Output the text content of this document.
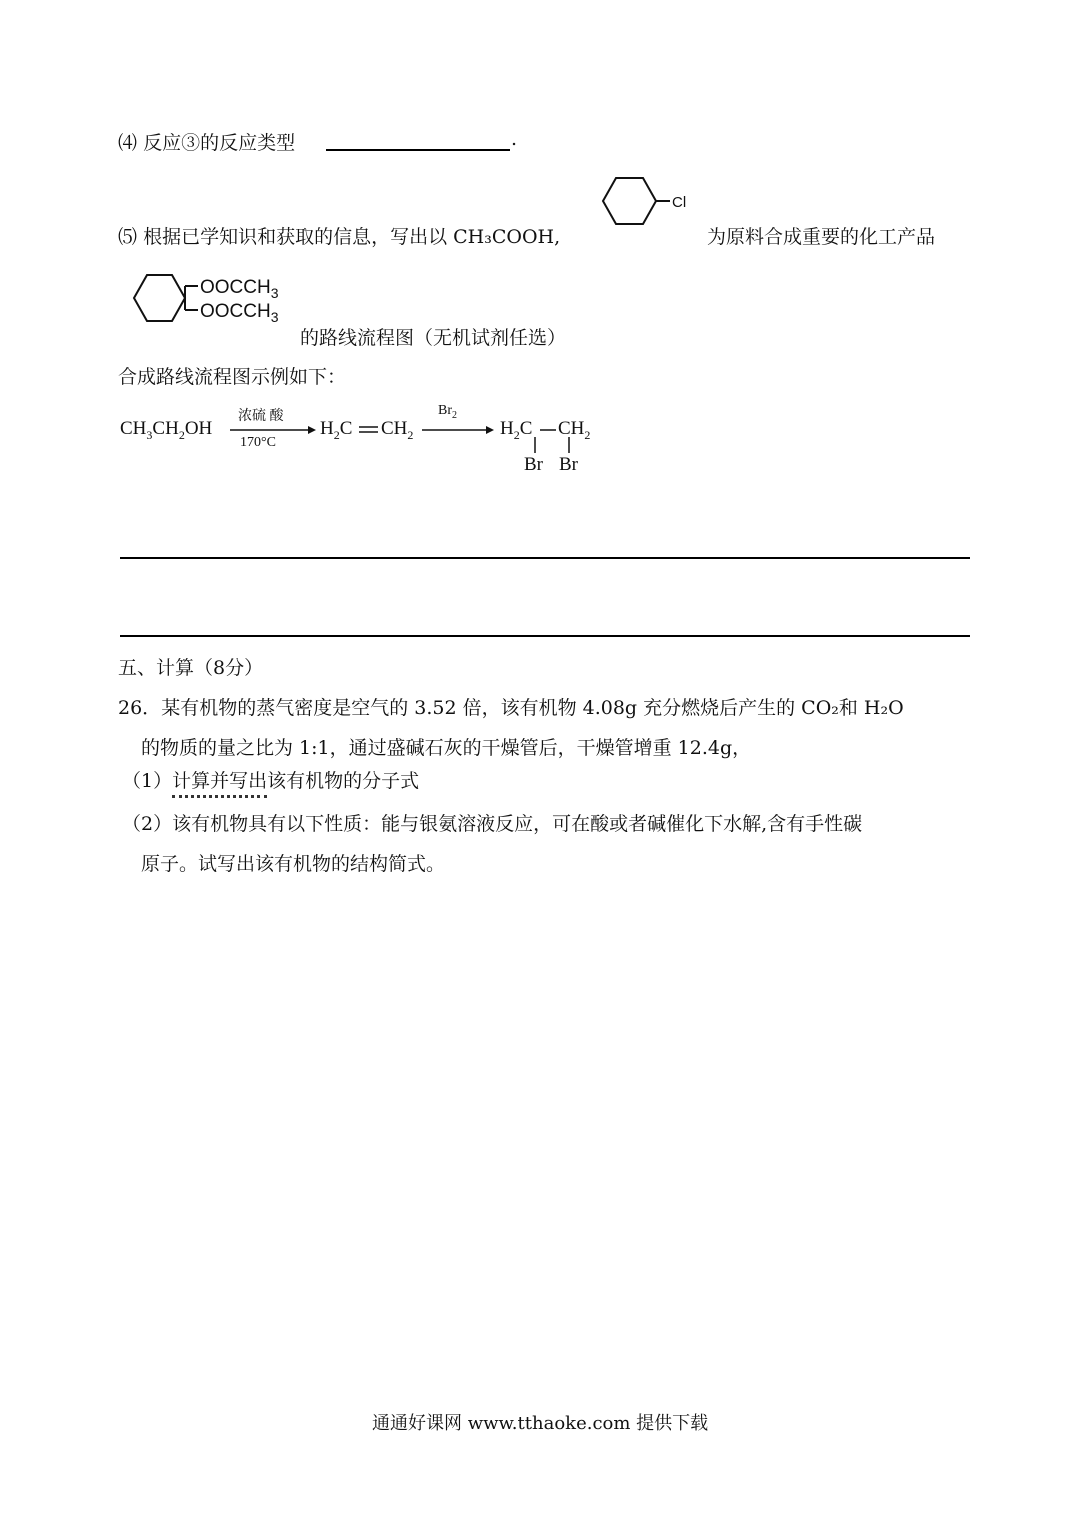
⑷ 反应③的反应类型	.
⑸ 根据已学知识和获取的信息，写出以 CH₃COOH,
Cl
为原料合成重要的化工产品
$OOCCH_3$
$OOCCH_3$
的路线流程图（无机试剂任选）
合成路线流程图示例如下：
$CH_3CH_2OH$
浓硫 酸
170°C
$H_2C$ $CH_2$
$Br_2$
$H_2C$ $CH_2$
Br Br
五、计算（8分）
26．某有机物的蒸气密度是空气的 3.52 倍，该有机物 4.08g 充分燃烧后产生的 CO₂和 H₂O
的物质的量之比为 1:1，通过盛碱石灰的干燥管后，干燥管增重 12.4g，
（1）计算并写出该有机物的分子式
（2）该有机物具有以下性质：能与银氨溶液反应，可在酸或者碱催化下水解,含有手性碳
原子。试写出该有机物的结构简式。
通通好课网 www.tthaoke.com 提供下载
